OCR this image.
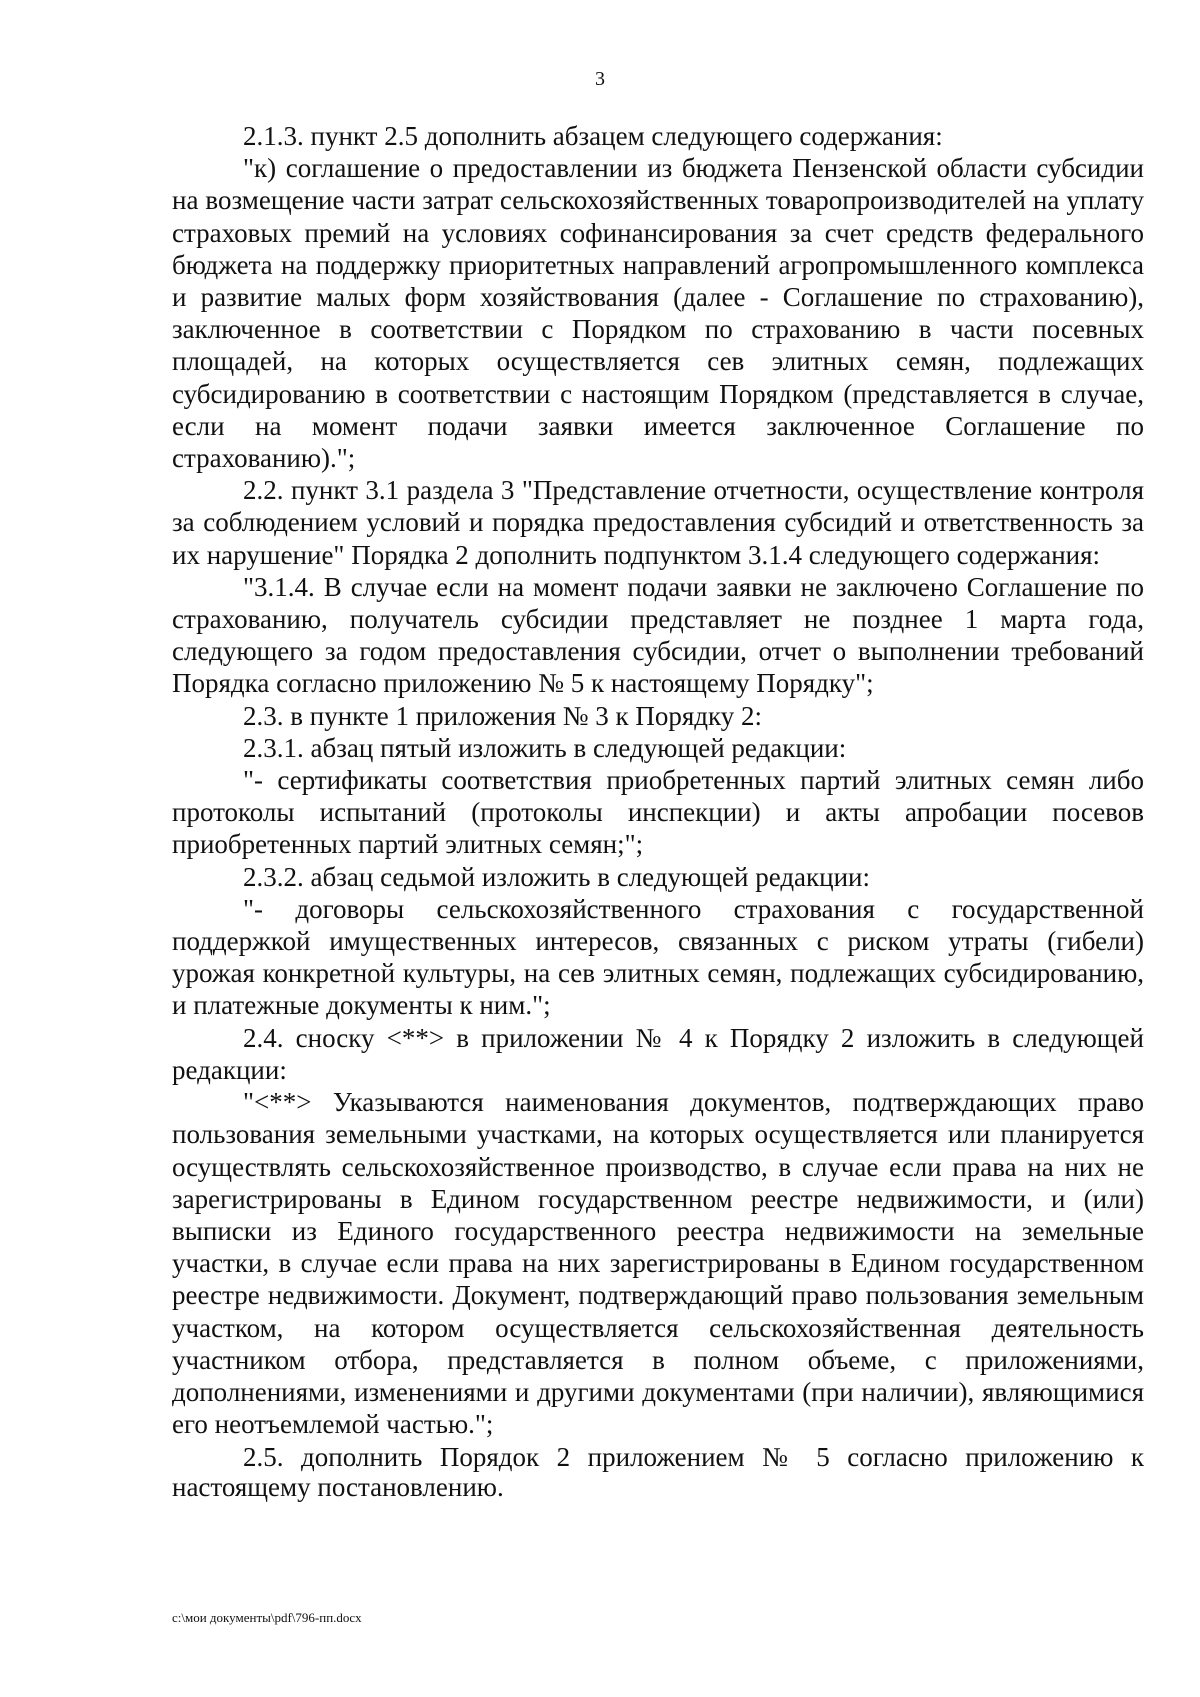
3

2.1.3. пункт 2.5 дополнить абзацем следующего содержания:

"к) соглашение о предоставлении из бюджета Пензенской области субсидии на возмещение части затрат сельскохозяйственных товаропроизводителей на уплату страховых премий на условиях софинансирования за счет средств федерального бюджета на поддержку приоритетных направлений агропромышленного комплекса и развитие малых форм хозяйствования (далее - Соглашение по страхованию), заключенное в соответствии с Порядком по страхованию в части посевных площадей, на которых осуществляется сев элитных семян, подлежащих субсидированию в соответствии с настоящим Порядком (представляется в случае, если на момент подачи заявки имеется заключенное Соглашение по страхованию).";

2.2. пункт 3.1 раздела 3 "Представление отчетности, осуществление контроля за соблюдением условий и порядка предоставления субсидий и ответственность за их нарушение" Порядка 2 дополнить подпунктом 3.1.4 следующего содержания:

"3.1.4. В случае если на момент подачи заявки не заключено Соглашение по страхованию, получатель субсидии представляет не позднее 1 марта года, следующего за годом предоставления субсидии, отчет о выполнении требований Порядка согласно приложению № 5 к настоящему Порядку";

2.3. в пункте 1 приложения № 3 к Порядку 2:

2.3.1. абзац пятый изложить в следующей редакции:

"- сертификаты соответствия приобретенных партий элитных семян либо протоколы испытаний (протоколы инспекции) и акты апробации посевов приобретенных партий элитных семян;";

2.3.2. абзац седьмой изложить в следующей редакции:

"- договоры сельскохозяйственного страхования с государственной поддержкой имущественных интересов, связанных с риском утраты (гибели) урожая конкретной культуры, на сев элитных семян, подлежащих субсидированию, и платежные документы к ним.";

2.4. сноску <**> в приложении № 4 к Порядку 2 изложить в следующей редакции:

"<**> Указываются наименования документов, подтверждающих право пользования земельными участками, на которых осуществляется или планируется осуществлять сельскохозяйственное производство, в случае если права на них не зарегистрированы в Едином государственном реестре недвижимости, и (или) выписки из Единого государственного реестра недвижимости на земельные участки, в случае если права на них зарегистрированы в Едином государственном реестре недвижимости. Документ, подтверждающий право пользования земельным участком, на котором осуществляется сельскохозяйственная деятельность участником отбора, представляется в полном объеме, с приложениями, дополнениями, изменениями и другими документами (при наличии), являющимися его неотъемлемой частью.";

2.5. дополнить Порядок 2 приложением № 5 согласно приложению к настоящему постановлению.

c:\мои документы\pdf\796-пп.docx
